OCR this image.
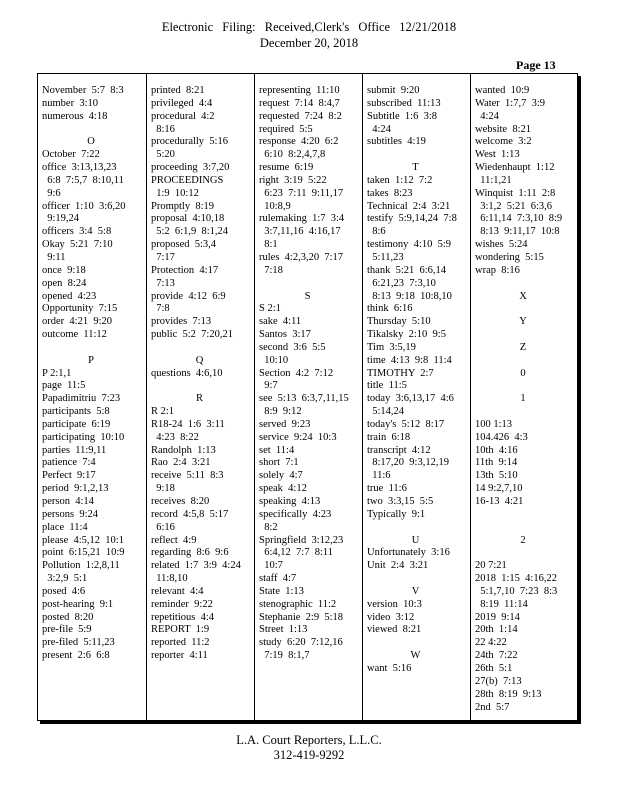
Electronic Filing: Received,Clerk's Office 12/21/2018
December 20, 2018
Page 13
November  5:7  8:3
number  3:10
numerous  4:18
O
October  7:22
office  3:13,13,23
6:8  7:5,7  8:10,11
9:6
officer  1:10  3:6,20
9:19,24
officers  3:4  5:8
Okay  5:21  7:10
9:11
once  9:18
open  8:24
opened  4:23
Opportunity  7:15
order  4:21  9:20
outcome  11:12
P
P 2:1,1
page  11:5
Papadimitriu  7:23
participants  5:8
participate  6:19
participating  10:10
parties  11:9,11
patience  7:4
Perfect  9:17
period  9:1,2,13
person  4:14
persons  9:24
place  11:4
please  4:5,12  10:1
point  6:15,21  10:9
Pollution  1:2,8,11
3:2,9  5:1
posed  4:6
post-hearing  9:1
posted  8:20
pre-file  5:9
pre-filed  5:11,23
present  2:6  6:8
printed  8:21
privileged  4:4
procedural  4:2
8:16
procedurally  5:16
5:20
proceeding  3:7,20
PROCEEDINGS
1:9  10:12
Promptly  8:19
proposal  4:10,18
5:2  6:1,9  8:1,24
proposed  5:3,4
7:17
Protection  4:17
7:13
provide  4:12  6:9
7:8
provides  7:13
public  5:2  7:20,21
Q
questions  4:6,10
R
R 2:1
R18-24  1:6  3:11
4:23  8:22
Randolph  1:13
Rao  2:4  3:21
receive  5:11  8:3
9:18
receives  8:20
record  4:5,8  5:17
6:16
reflect  4:9
regarding  8:6  9:6
related  1:7  3:9  4:24
11:8,10
relevant  4:4
reminder  9:22
repetitious  4:4
REPORT  1:9
reported  11:2
reporter  4:11
representing  11:10
request  7:14  8:4,7
requested  7:24  8:2
required  5:5
response  4:20  6:2
6:10  8:2,4,7,8
resume  6:19
right  3:19  5:22
6:23  7:11  9:11,17
10:8,9
rulemaking  1:7  3:4
3:7,11,16  4:16,17
8:1
rules  4:2,3,20  7:17
7:18
S
S 2:1
sake  4:11
Santos  3:17
second  3:6  5:5
10:10
Section  4:2  7:12
9:7
see  5:13  6:3,7,11,15
8:9  9:12
served  9:23
service  9:24  10:3
set  11:4
short  7:1
solely  4:7
speak  4:12
speaking  4:13
specifically  4:23
8:2
Springfield  3:12,23
6:4,12  7:7  8:11
10:7
staff  4:7
State  1:13
stenographic  11:2
Stephanie  2:9  5:18
Street  1:13
study  6:20  7:12,16
7:19  8:1,7
submit  9:20
subscribed  11:13
Subtitle  1:6  3:8
4:24
subtitles  4:19
T
taken  1:12  7:2
takes  8:23
Technical  2:4  3:21
testify  5:9,14,24  7:8
8:6
testimony  4:10  5:9
5:11,23
thank  5:21  6:6,14
6:21,23  7:3,10
8:13  9:18  10:8,10
think  6:16
Thursday  5:10
Tikalsky  2:10  9:5
Tim  3:5,19
time  4:13  9:8  11:4
TIMOTHY  2:7
title  11:5
today  3:6,13,17  4:6
5:14,24
today's  5:12  8:17
train  6:18
transcript  4:12
8:17,20  9:3,12,19
11:6
true  11:6
two  3:3,15  5:5
Typically  9:1
U
Unfortunately  3:16
Unit  2:4  3:21
V
version  10:3
video  3:12
viewed  8:21
W
want  5:16
wanted  10:9
Water  1:7,7  3:9
4:24
website  8:21
welcome  3:2
West  1:13
Wiedenhaupt  1:12
11:1,21
Winquist  1:11  2:8
3:1,2  5:21  6:3,6
6:11,14  7:3,10  8:9
8:13  9:11,17  10:8
wishes  5:24
wondering  5:15
wrap  8:16
X
Y
Z
0
1
100 1:13
104.426  4:3
10th  4:16
11th  9:14
13th  5:10
14 9:2,7,10
16-13  4:21
2
20 7:21
2018  1:15  4:16,22
5:1,7,10  7:23  8:3
8:19  11:14
2019  9:14
20th  1:14
22 4:22
24th  7:22
26th  5:1
27(b)  7:13
28th  8:19  9:13
2nd  5:7
L.A. Court Reporters, L.L.C.
312-419-9292
